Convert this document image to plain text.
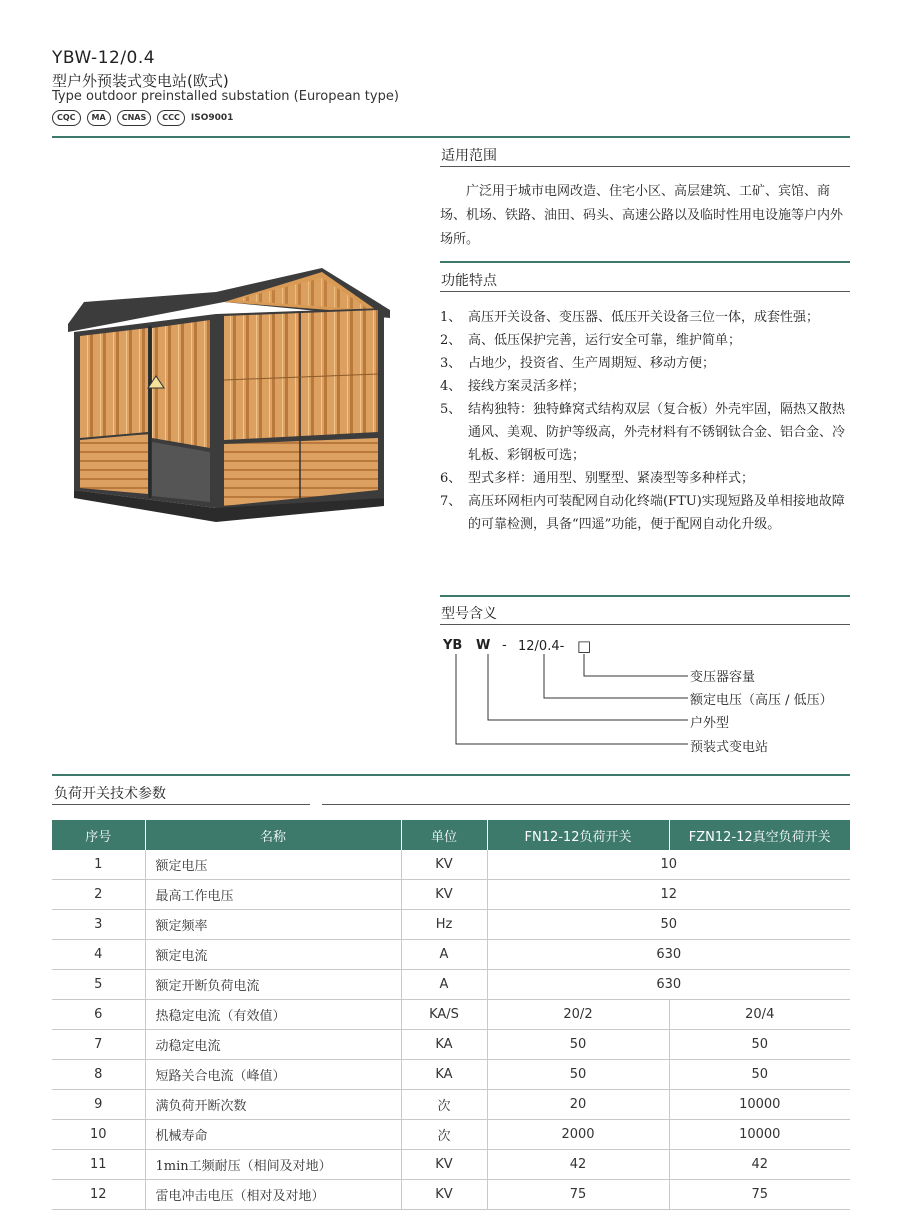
YBW-12/0.4
型户外预装式变电站(欧式)
Type outdoor preinstalled substation (European type)
CQC	MA	CNAS	CCC	ISO9001
适用范围
广泛用于城市电网改造、住宅小区、高层建筑、工矿、宾馆、商场、机场、铁路、油田、码头、高速公路以及临时性用电设施等户内外场所。
功能特点
1、 高压开关设备、变压器、低压开关设备三位一体，成套性强；
2、 高、低压保护完善，运行安全可靠，维护简单；
3、 占地少，投资省、生产周期短、移动方便；
4、 接线方案灵活多样；
5、 结构独特：独特蜂窝式结构双层（复合板）外壳牢固，隔热又散热通风、美观、防护等级高，外壳材料有不锈钢钛合金、铝合金、冷轧板、彩钢板可选；
6、 型式多样：通用型、别墅型、紧凑型等多种样式；
7、 高压环网柜内可装配网自动化终端(FTU)实现短路及单相接地故障的可靠检测，具备“四遥”功能，便于配网自动化升级。
型号含义
YB W - 12/0.4- □
变压器容量
额定电压（高压 / 低压）
户外型
预装式变电站
负荷开关技术参数
序号	名称	单位	FN12-12负荷开关	FZN12-12真空负荷开关
1	额定电压	KV	10	
2	最高工作电压	KV	12	
3	额定频率	Hz	50	
4	额定电流	A	630	
5	额定开断负荷电流	A	630	
6	热稳定电流（有效值）	KA/S	20/2	20/4
7	动稳定电流	KA	50	50
8	短路关合电流（峰值）	KA	50	50
9	满负荷开断次数	次	20	10000
10	机械寿命	次	2000	10000
11	1min工频耐压（相间及对地）	KV	42	42
12	雷电冲击电压（相对及对地）	KV	75	75
